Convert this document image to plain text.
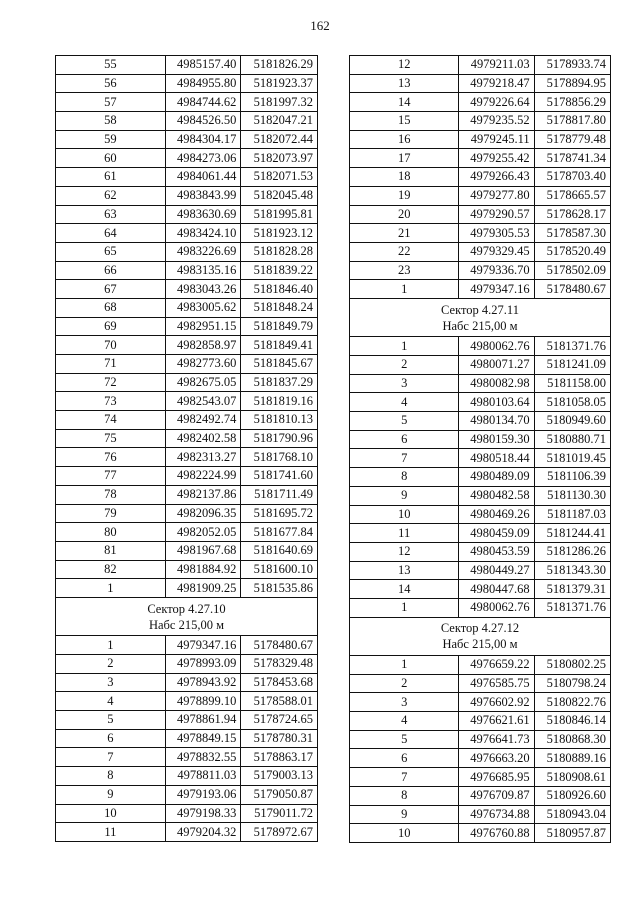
162
55	4985157.40	5181826.29
56	4984955.80	5181923.37
57	4984744.62	5181997.32
58	4984526.50	5182047.21
59	4984304.17	5182072.44
60	4984273.06	5182073.97
61	4984061.44	5182071.53
62	4983843.99	5182045.48
63	4983630.69	5181995.81
64	4983424.10	5181923.12
65	4983226.69	5181828.28
66	4983135.16	5181839.22
67	4983043.26	5181846.40
68	4983005.62	5181848.24
69	4982951.15	5181849.79
70	4982858.97	5181849.41
71	4982773.60	5181845.67
72	4982675.05	5181837.29
73	4982543.07	5181819.16
74	4982492.74	5181810.13
75	4982402.58	5181790.96
76	4982313.27	5181768.10
77	4982224.99	5181741.60
78	4982137.86	5181711.49
79	4982096.35	5181695.72
80	4982052.05	5181677.84
81	4981967.68	5181640.69
82	4981884.92	5181600.10
1	4981909.25	5181535.86

Сектор 4.27.10
Набс 215,00 м		

1	4979347.16	5178480.67
2	4978993.09	5178329.48
3	4978943.92	5178453.68
4	4978899.10	5178588.01
5	4978861.94	5178724.65
6	4978849.15	5178780.31
7	4978832.55	5178863.17
8	4978811.03	5179003.13
9	4979193.06	5179050.87
10	4979198.33	5179011.72
11	4979204.32	5178972.67
12	4979211.03	5178933.74
13	4979218.47	5178894.95
14	4979226.64	5178856.29
15	4979235.52	5178817.80
16	4979245.11	5178779.48
17	4979255.42	5178741.34
18	4979266.43	5178703.40
19	4979277.80	5178665.57
20	4979290.57	5178628.17
21	4979305.53	5178587.30
22	4979329.45	5178520.49
23	4979336.70	5178502.09
1	4979347.16	5178480.67

Сектор 4.27.11
Набс 215,00 м		

1	4980062.76	5181371.76
2	4980071.27	5181241.09
3	4980082.98	5181158.00
4	4980103.64	5181058.05
5	4980134.70	5180949.60
6	4980159.30	5180880.71
7	4980518.44	5181019.45
8	4980489.09	5181106.39
9	4980482.58	5181130.30
10	4980469.26	5181187.03
11	4980459.09	5181244.41
12	4980453.59	5181286.26
13	4980449.27	5181343.30
14	4980447.68	5181379.31
1	4980062.76	5181371.76

Сектор 4.27.12
Набс 215,00 м		

1	4976659.22	5180802.25
2	4976585.75	5180798.24
3	4976602.92	5180822.76
4	4976621.61	5180846.14
5	4976641.73	5180868.30
6	4976663.20	5180889.16
7	4976685.95	5180908.61
8	4976709.87	5180926.60
9	4976734.88	5180943.04
10	4976760.88	5180957.87
